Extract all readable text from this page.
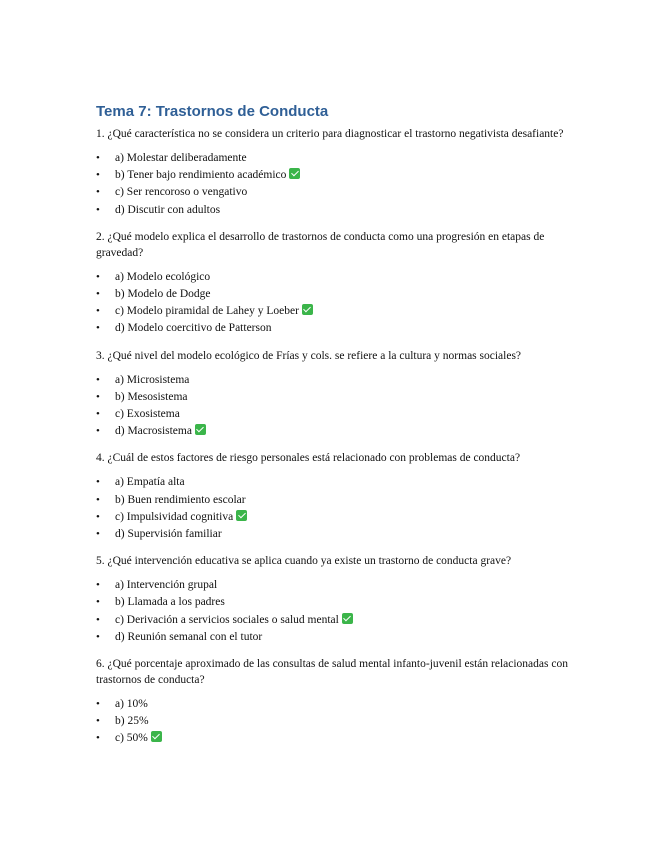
Tema 7: Trastornos de Conducta

1. ¿Qué característica no se considera un criterio para diagnosticar el trastorno negativista desafiante?

• a) Molestar deliberadamente
• b) Tener bajo rendimiento académico
• c) Ser rencoroso o vengativo
• d) Discutir con adultos

2. ¿Qué modelo explica el desarrollo de trastornos de conducta como una progresión en etapas de gravedad?

• a) Modelo ecológico
• b) Modelo de Dodge
• c) Modelo piramidal de Lahey y Loeber
• d) Modelo coercitivo de Patterson

3. ¿Qué nivel del modelo ecológico de Frías y cols. se refiere a la cultura y normas sociales?

• a) Microsistema
• b) Mesosistema
• c) Exosistema
• d) Macrosistema

4. ¿Cuál de estos factores de riesgo personales está relacionado con problemas de conducta?

• a) Empatía alta
• b) Buen rendimiento escolar
• c) Impulsividad cognitiva
• d) Supervisión familiar

5. ¿Qué intervención educativa se aplica cuando ya existe un trastorno de conducta grave?

• a) Intervención grupal
• b) Llamada a los padres
• c) Derivación a servicios sociales o salud mental
• d) Reunión semanal con el tutor

6. ¿Qué porcentaje aproximado de las consultas de salud mental infanto-juvenil están relacionadas con trastornos de conducta?

• a) 10%
• b) 25%
• c) 50%
